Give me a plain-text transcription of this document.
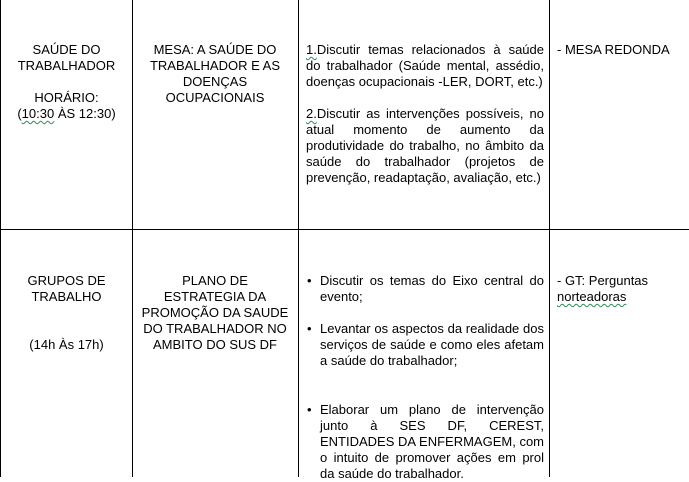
SAÚDE DO
TRABALHADOR
HORÁRIO:
(10:30 ÀS 12:30)
MESA: A SAÚDE DO
TRABALHADOR E AS
DOENÇAS
OCUPACIONAIS
1.Discutir temas relacionados à saúde do trabalhador (Saúde mental, assédio, doenças ocupacionais -LER, DORT, etc.)
2.Discutir as intervenções possíveis, no atual momento de aumento da produtividade do trabalho, no âmbito da saúde do trabalhador (projetos de prevenção, readaptação, avaliação, etc.)
- MESA REDONDA
GRUPOS DE
TRABALHO
(14h Às 17h)
PLANO DE
ESTRATEGIA DA
PROMOÇÃO DA SAUDE
DO TRABALHADOR NO
AMBITO DO SUS DF
• Discutir os temas do Eixo central do evento;
• Levantar os aspectos da realidade dos serviços de saúde e como eles afetam a saúde do trabalhador;
• Elaborar um plano de intervenção junto à SES DF, CEREST, ENTIDADES DA ENFERMAGEM, com o intuito de promover ações em prol da saúde do trabalhador.
- GT: Perguntas norteadoras
